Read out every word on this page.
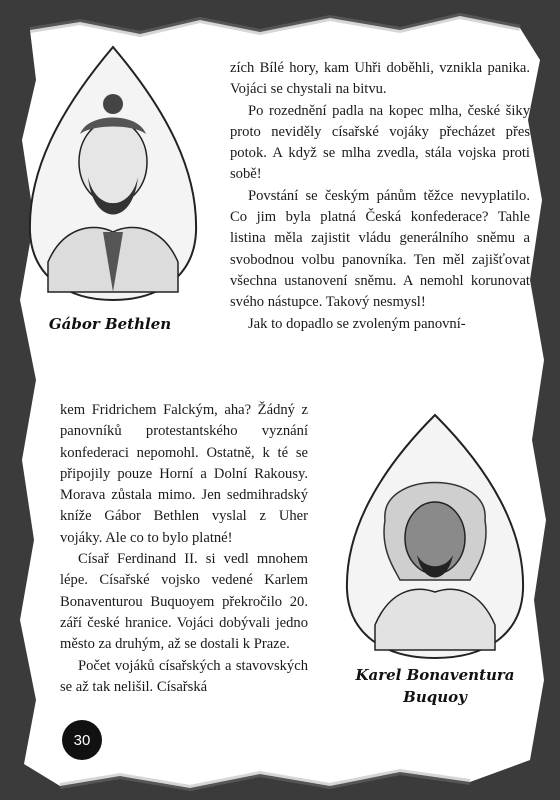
zích Bílé hory, kam Uhři doběhli, vznikla panika. Vojáci se chystali na bitvu.

Po rozednění padla na kopec mlha, české šiky proto neviděly císařské vojáky přecházet přes potok. A když se mlha zvedla, stála vojska proti sobě!

Povstání se českým pánům těžce nevyplatilo. Co jim byla platná Česká konfederace? Tahle listina měla zajistit vládu generálního sněmu a svobodnou volbu panovníka. Ten měl zajišťovat všechna ustanovení sněmu. A nemohl korunovat svého nástupce. Takový nesmysl!

Jak to dopadlo se zvoleným panovní-

kem Fridrichem Falckým, aha? Žádný z panovníků protestantského vyznání konfederaci nepomohl. Ostatně, k té se připojily pouze Horní a Dolní Rakousy. Morava zůstala mimo. Jen sedmihradský kníže Gábor Bethlen vyslal z Uher vojáky. Ale co to bylo platné!

Císař Ferdinand II. si vedl mnohem lépe. Císařské vojsko vedené Karlem Bonaventurou Buquoyem překročilo 20. září české hranice. Vojáci dobývali jedno město za druhým, až se dostali k Praze.

Počet vojáků císařských a stavovských se až tak nelišil. Císařská

Gábor Bethlen
Karel Bonaventura
Buquoy
30
